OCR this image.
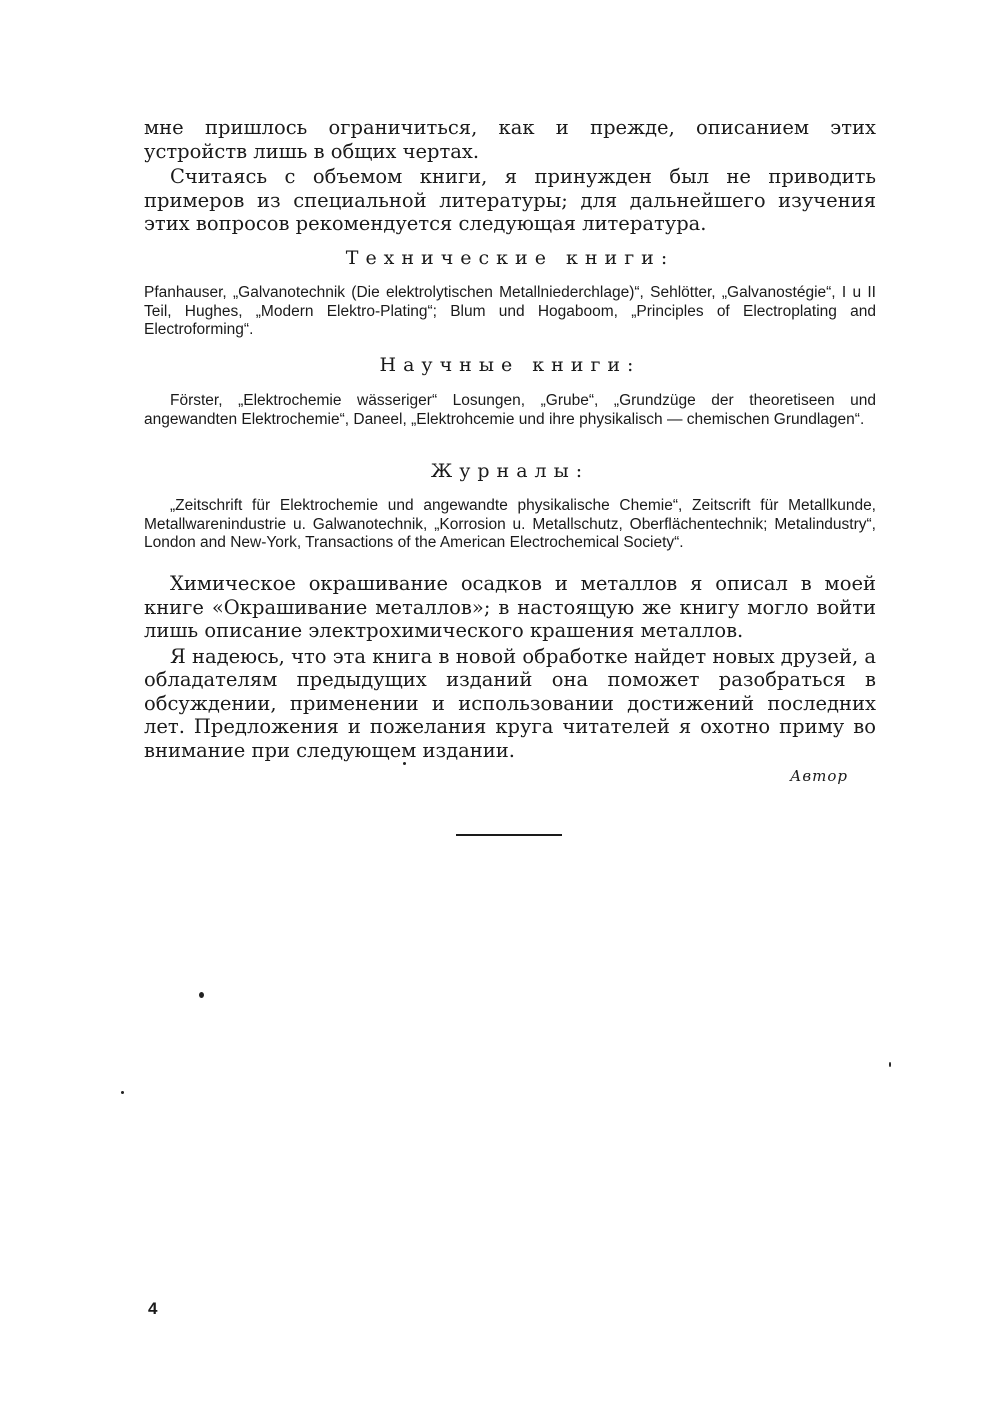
мне пришлось ограничиться, как и прежде, описанием этих устройств лишь в общих чертах.

Считаясь с объемом книги, я принужден был не приводить примеров из специальной литературы; для дальнейшего изучения этих вопросов рекомендуется следующая литература.

Технические книги:

Pfanhauser, „Galvanotechnik (Die elektrolytischen Metallniederchlage)“, Sehlötter, „Galvanostégie“, I u II Teil, Hughes, „Modern Elektro-Plating“; Blum und Hogaboom, „Principles of Electroplating and Electroforming“.

Научные книги:

Förster, „Elektrochemie wässeriger“ Losungen, „Grube“, „Grundzüge der theoretiseen und angewandten Elektrochemie“, Daneel, „Elektrohcemie und ihre physikalisch — chemischen Grundlagen“.

Журналы:

„Zeitschrift für Elektrochemie und angewandte physikalische Chemie“, Zeitscrift für Metallkunde, Metallwarenindustrie u. Galwanotechnik, „Korrosion u. Metallschutz, Oberflächentechnik; Metalindustry“, London and New-York, Transactions of the American Electrochemical Society“.

Химическое окрашивание осадков и металлов я описал в моей книге «Окрашивание металлов»; в настоящую же книгу могло войти лишь описание электрохимического крашения металлов.

Я надеюсь, что эта книга в новой обработке найдет новых друзей, а обладателям предыдущих изданий она поможет разобраться в обсуждении, применении и использовании достижений последних лет. Предложения и пожелания круга читателей я охотно приму во внимание при следующем издании.

Автор

4
